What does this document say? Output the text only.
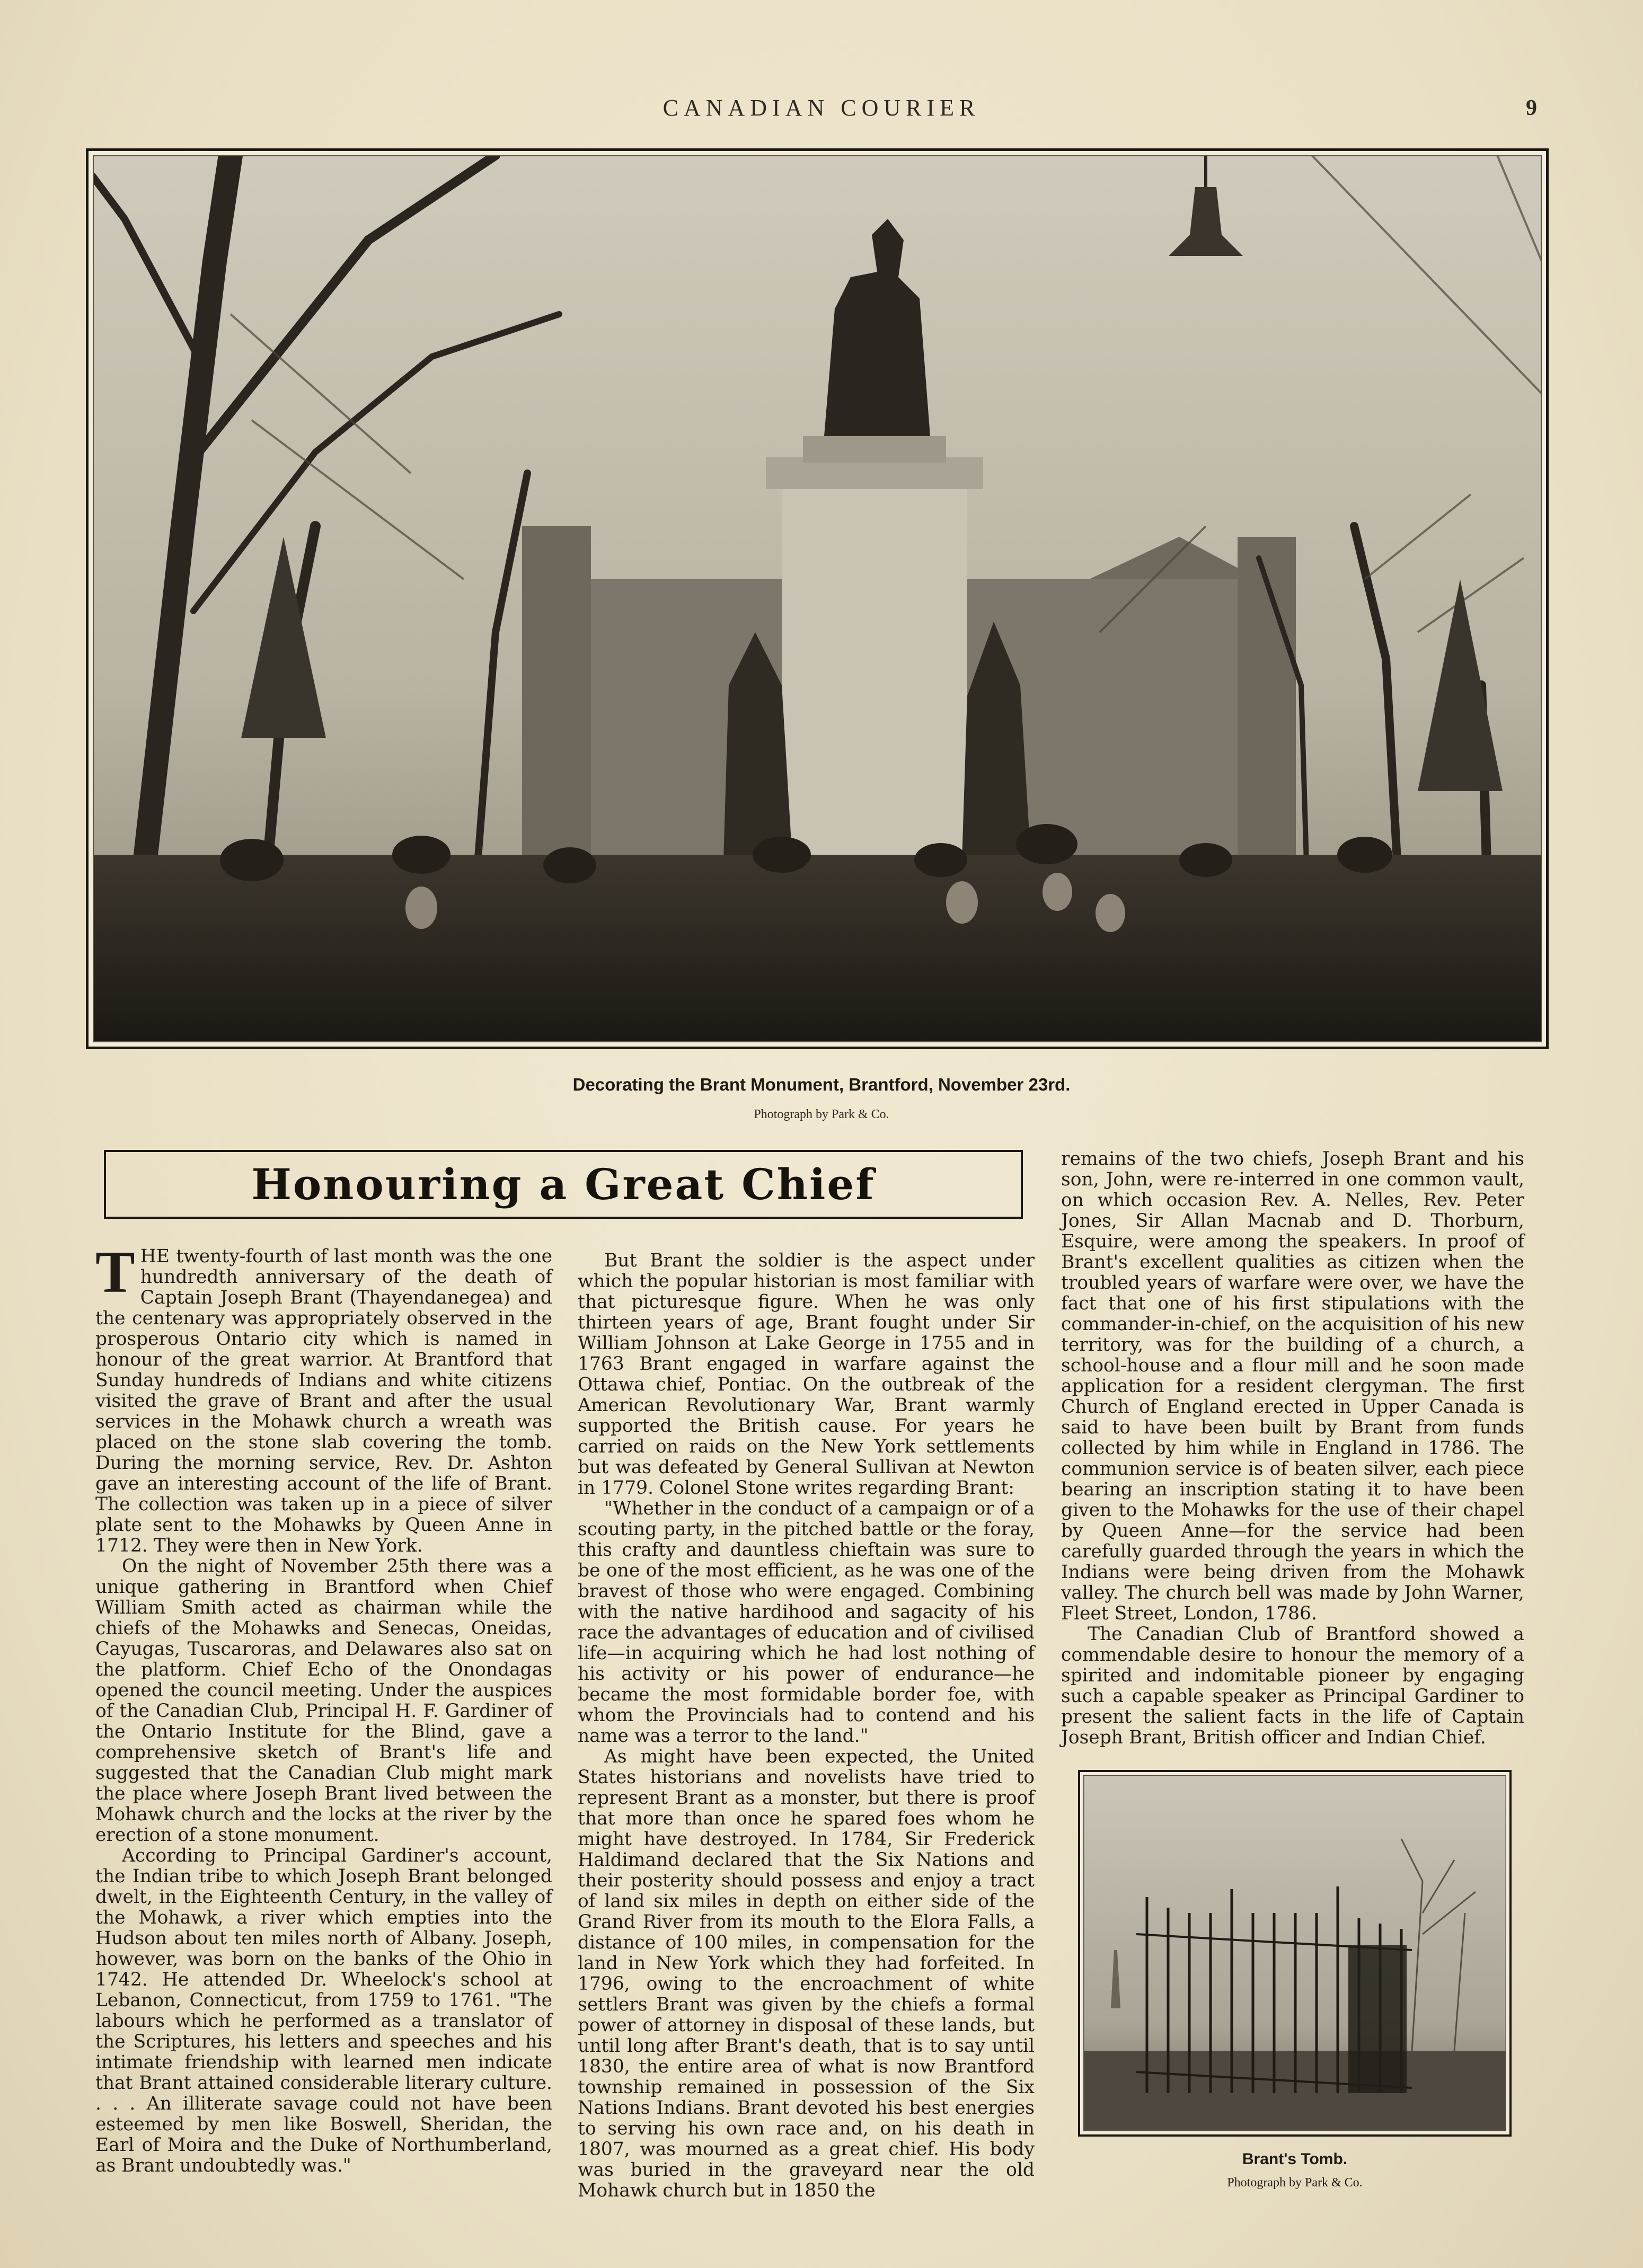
CANADIAN COURIER	9
Decorating the Brant Monument, Brantford, November 23rd.
Photograph by Park & Co.
Honouring a Great Chief

THE twenty-fourth of last month was the one hundredth anniversary of the death of Captain Joseph Brant (Thayendanegea) and the centenary was appropriately observed in the prosperous Ontario city which is named in honour of the great warrior. At Brantford that Sunday hundreds of Indians and white citizens visited the grave of Brant and after the usual services in the Mohawk church a wreath was placed on the stone slab covering the tomb. During the morning service, Rev. Dr. Ashton gave an interesting account of the life of Brant. The collection was taken up in a piece of silver plate sent to the Mohawks by Queen Anne in 1712. They were then in New York.

On the night of November 25th there was a unique gathering in Brantford when Chief William Smith acted as chairman while the chiefs of the Mohawks and Senecas, Oneidas, Cayugas, Tuscaroras, and Delawares also sat on the platform. Chief Echo of the Onondagas opened the council meeting. Under the auspices of the Canadian Club, Principal H. F. Gardiner of the Ontario Institute for the Blind, gave a comprehensive sketch of Brant's life and suggested that the Canadian Club might mark the place where Joseph Brant lived between the Mohawk church and the locks at the river by the erection of a stone monument.

According to Principal Gardiner's account, the Indian tribe to which Joseph Brant belonged dwelt, in the Eighteenth Century, in the valley of the Mohawk, a river which empties into the Hudson about ten miles north of Albany. Joseph, however, was born on the banks of the Ohio in 1742. He attended Dr. Wheelock's school at Lebanon, Connecticut, from 1759 to 1761. "The labours which he performed as a translator of the Scriptures, his letters and speeches and his intimate friendship with learned men indicate that Brant attained considerable literary culture. . . . An illiterate savage could not have been esteemed by men like Boswell, Sheridan, the Earl of Moira and the Duke of Northumberland, as Brant undoubtedly was."

But Brant the soldier is the aspect under which the popular historian is most familiar with that picturesque figure. When he was only thirteen years of age, Brant fought under Sir William Johnson at Lake George in 1755 and in 1763 Brant engaged in warfare against the Ottawa chief, Pontiac. On the outbreak of the American Revolutionary War, Brant warmly supported the British cause. For years he carried on raids on the New York settlements but was defeated by General Sullivan at Newton in 1779. Colonel Stone writes regarding Brant:

"Whether in the conduct of a campaign or of a scouting party, in the pitched battle or the foray, this crafty and dauntless chieftain was sure to be one of the most efficient, as he was one of the bravest of those who were engaged. Combining with the native hardihood and sagacity of his race the advantages of education and of civilised life—in acquiring which he had lost nothing of his activity or his power of endurance—he became the most formidable border foe, with whom the Provincials had to contend and his name was a terror to the land."

As might have been expected, the United States historians and novelists have tried to represent Brant as a monster, but there is proof that more than once he spared foes whom he might have destroyed. In 1784, Sir Frederick Haldimand declared that the Six Nations and their posterity should possess and enjoy a tract of land six miles in depth on either side of the Grand River from its mouth to the Elora Falls, a distance of 100 miles, in compensation for the land in New York which they had forfeited. In 1796, owing to the encroachment of white settlers Brant was given by the chiefs a formal power of attorney in disposal of these lands, but until long after Brant's death, that is to say until 1830, the entire area of what is now Brantford township remained in possession of the Six Nations Indians. Brant devoted his best energies to serving his own race and, on his death in 1807, was mourned as a great chief. His body was buried in the graveyard near the old Mohawk church but in 1850 the

remains of the two chiefs, Joseph Brant and his son, John, were re-interred in one common vault, on which occasion Rev. A. Nelles, Rev. Peter Jones, Sir Allan Macnab and D. Thorburn, Esquire, were among the speakers. In proof of Brant's excellent qualities as citizen when the troubled years of warfare were over, we have the fact that one of his first stipulations with the commander-in-chief, on the acquisition of his new territory, was for the building of a church, a school-house and a flour mill and he soon made application for a resident clergyman. The first Church of England erected in Upper Canada is said to have been built by Brant from funds collected by him while in England in 1786. The communion service is of beaten silver, each piece bearing an inscription stating it to have been given to the Mohawks for the use of their chapel by Queen Anne—for the service had been carefully guarded through the years in which the Indians were being driven from the Mohawk valley. The church bell was made by John Warner, Fleet Street, London, 1786.

The Canadian Club of Brantford showed a commendable desire to honour the memory of a spirited and indomitable pioneer by engaging such a capable speaker as Principal Gardiner to present the salient facts in the life of Captain Joseph Brant, British officer and Indian Chief.

Brant's Tomb.
Photograph by Park & Co.
